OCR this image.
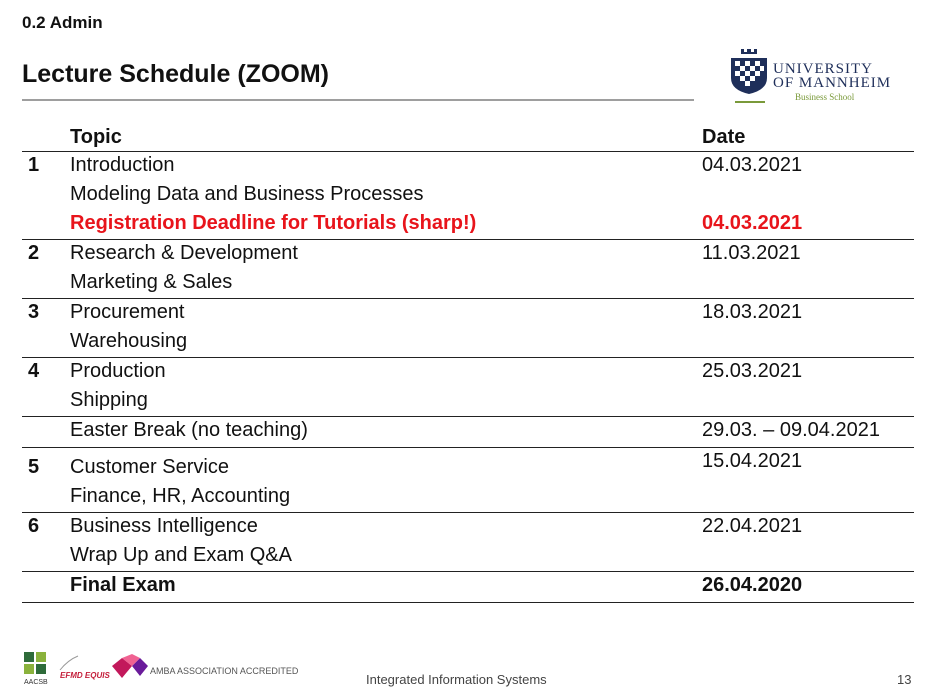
0.2 Admin
Lecture Schedule (ZOOM)	UNIVERSITY
OF MANNHEIM
Business School
Topic	Date
1 Introduction	04.03.2021
Modeling Data and Business Processes
Registration Deadline for Tutorials (sharp!)	04.03.2021
2 Research & Development	11.03.2021
Marketing & Sales
3 Procurement	18.03.2021
Warehousing
4 Production	25.03.2021
Shipping
Easter Break (no teaching)	29.03. – 09.04.2021
5 Customer Service	15.04.2021
Finance, HR, Accounting
6 Business Intelligence	22.04.2021
Wrap Up and Exam Q&A
Final Exam	26.04.2020
AACSB
EFMD EQUIS	AMBA ASSOCIATION ACCREDITED
Integrated Information Systems	13
